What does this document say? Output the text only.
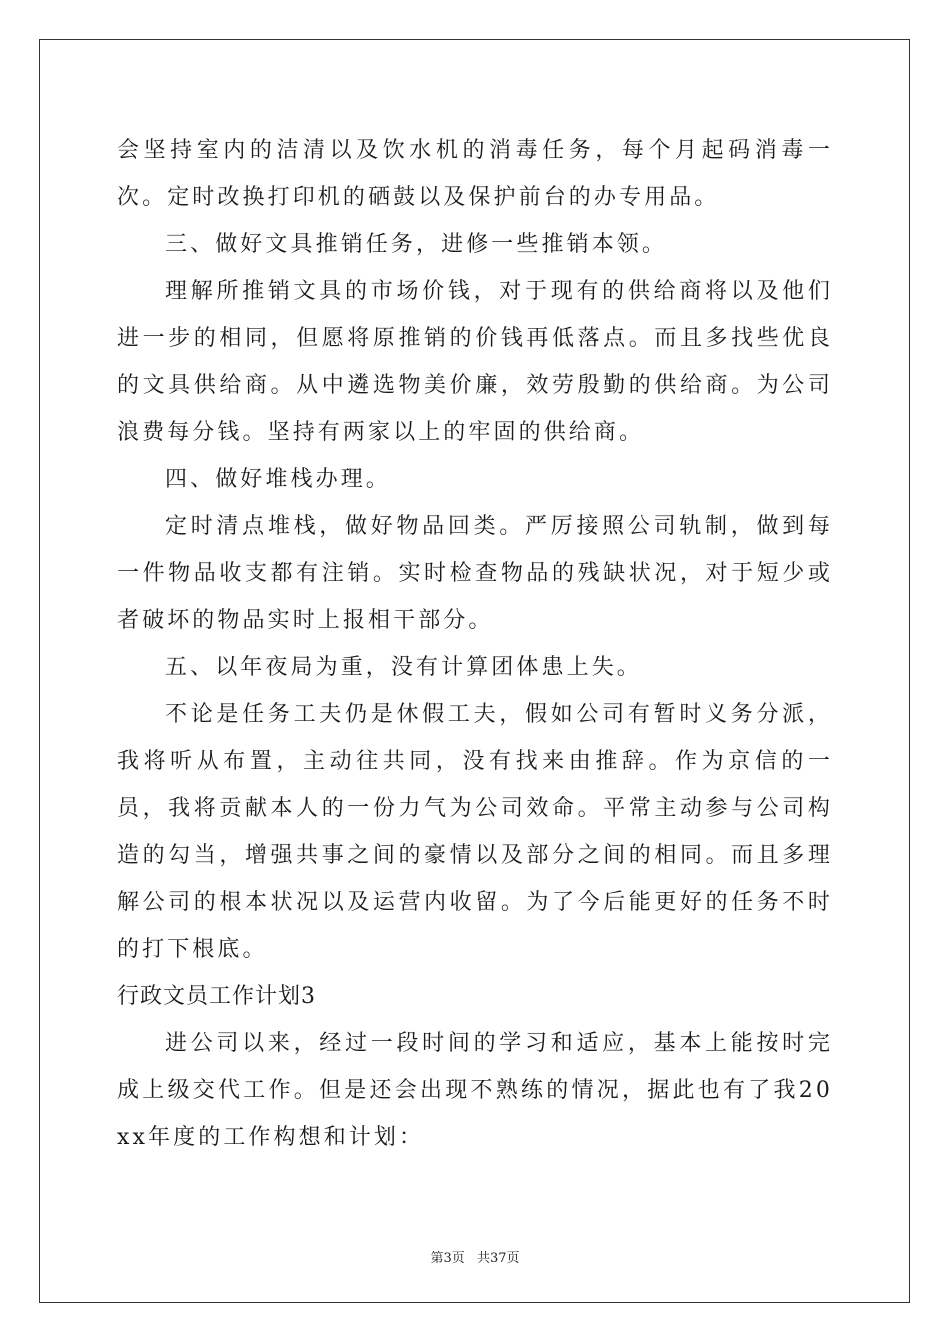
会坚持室内的洁清以及饮水机的消毒任务，每个月起码消毒一次。定时改换打印机的硒鼓以及保护前台的办专用品。

三、做好文具推销任务，进修一些推销本领。

理解所推销文具的市场价钱，对于现有的供给商将以及他们进一步的相同，但愿将原推销的价钱再低落点。而且多找些优良的文具供给商。从中遴选物美价廉，效劳殷勤的供给商。为公司浪费每分钱。坚持有两家以上的牢固的供给商。

四、做好堆栈办理。

定时清点堆栈，做好物品回类。严厉接照公司轨制，做到每一件物品收支都有注销。实时检查物品的残缺状况，对于短少或者破坏的物品实时上报相干部分。

五、以年夜局为重，没有计算团体患上失。

不论是任务工夫仍是休假工夫，假如公司有暂时义务分派，我将听从布置，主动往共同，没有找来由推辞。作为京信的一员，我将贡献本人的一份力气为公司效命。平常主动参与公司构造的勾当，增强共事之间的豪情以及部分之间的相同。而且多理解公司的根本状况以及运营内收留。为了今后能更好的任务不时的打下根底。

行政文员工作计划3

进公司以来，经过一段时间的学习和适应，基本上能按时完成上级交代工作。但是还会出现不熟练的情况，据此也有了我20xx年度的工作构想和计划：

第3页 共37页
